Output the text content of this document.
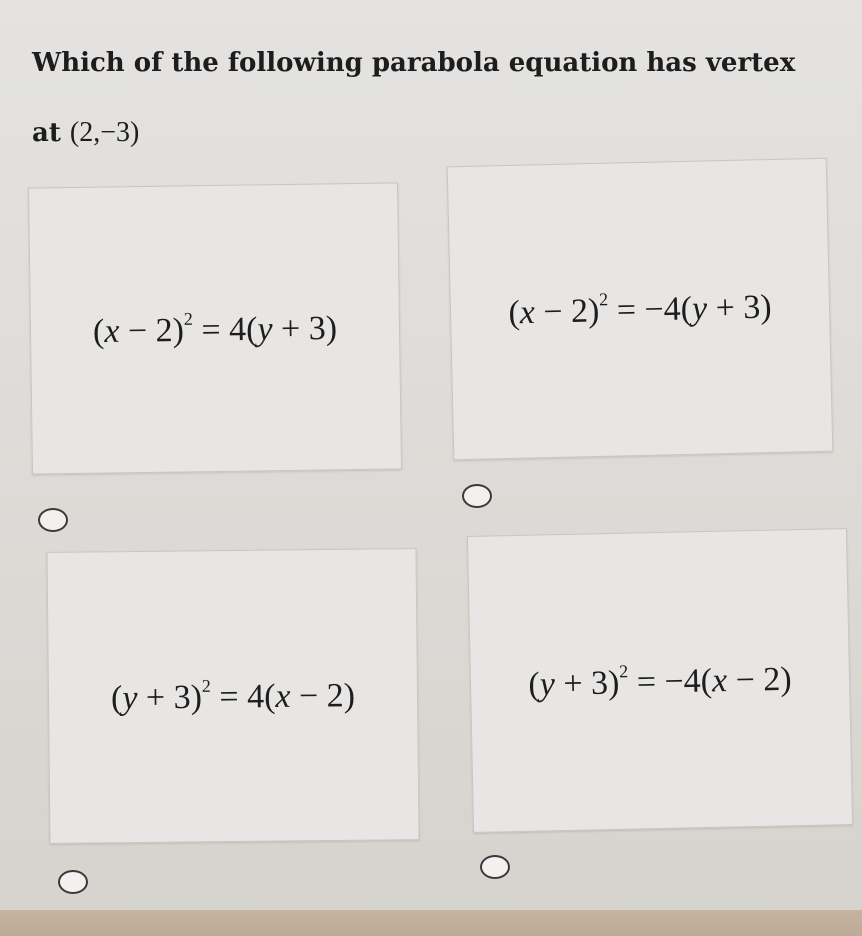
Which of the following parabola equation has vertex at (2,−3)

$(x - 2)^2 = 4(y + 3)$	$(x - 2)^2 = -4(y + 3)$
$(y + 3)^2 = 4(x - 2)$	$(y + 3)^2 = -4(x - 2)$
